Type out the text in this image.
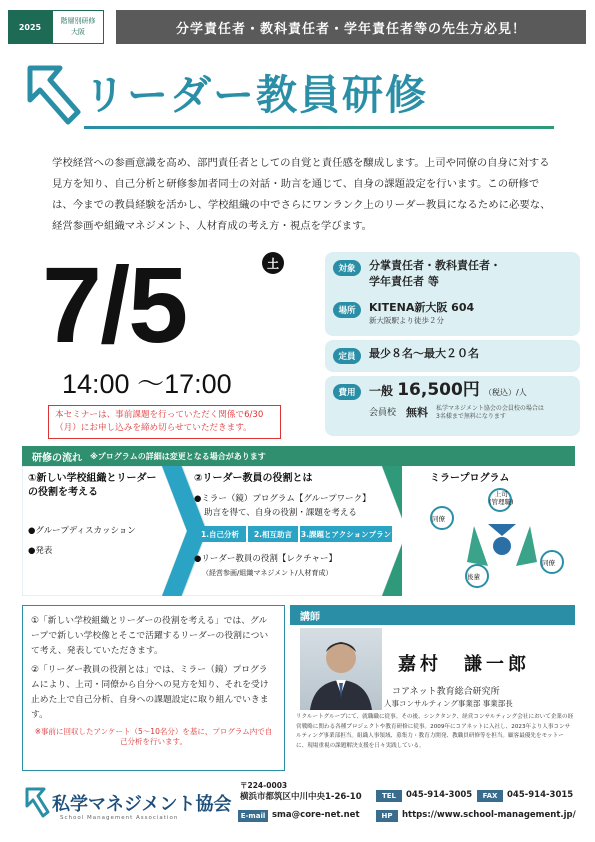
2025
階層別研修
大阪	分学責任者・教科責任者・学年責任者等の先生方必見！
リーダー教員研修
学校経営への参画意識を高め、部門責任者としての自覚と責任感を醸成します。上司や同僚の自身に対する見方を知り、自己分析と研修参加者同士の対話・助言を通じて、自身の課題設定を行います。この研修では、今までの教員経験を活かし、学校組織の中でさらにワンランク上のリーダー教員になるために必要な、経営参画や組織マネジメント、人材育成の考え方・視点を学びます。
7/5	土
14:00 ～17:00
本セミナーは、事前課題を行っていただく関係で6/30（月）にお申し込みを締め切らせていただきます。
対象	分掌責任者・教科責任者・
学年責任者 等
場所	KITENA新大阪 604
新大阪駅より徒歩２分
定員	最少８名～最大２０名
費用	一般 16,500円 （税込）/人
会員校 無料 私学マネジメント協会の会員校の場合は3名様まで無料になります
研修の流れ ※プログラムの詳細は変更となる場合があります
①新しい学校組織とリーダーの役割を考える
●グループディスカッション
●発表
②リーダー教員の役割とは
●ミラー（鏡）プログラム【グループワーク】
助言を得て、自身の役割・課題を考える
1.自己分析	2.相互助言	3.課題とアクションプラン
●リーダー教員の役割【レクチャー】
（経営参画/組織マネジメント/人材育成）
ミラープログラム
同僚
上司
(管理職)
同僚
後輩

①「新しい学校組織とリーダーの役割を考える」では、グループで新しい学校像とそこで活躍するリーダーの役割について考え、発表していただきます。

②「リーダー教員の役割とは」では、ミラー（鏡）プログラムにより、上司・同僚から自分への見方を知り、それを受け止めた上で自己分析、自身への課題設定に取り組んでいきます。

※事前に回収したアンケート（5～10名分）を基に、プログラム内で自己分析を行います。

講師
嘉村　謙一郎
コアネット教育総合研究所
人事コンサルティング事業部 事業部長
リクルートグループにて、就職職に従事。その後、シンクタンク、経営コンサルティング会社において企業の経営戦略に関わる各種プロジェクトや教育研修に従事。2009年にコアネットに入社し、2023年より人事コンサルティング事業部担当。組織人事領域、募集力・教育力開発、教職員研修等を担当。顧客最優先をモットーに、現場重視の課題解決支援を日々実践している。
私学マネジメント協会
School Management Association
〒224-0003
横浜市都筑区中川中央1-26-10	TEL	045-914-3005	FAX	045-914-3015
E-mail sma@core-net.net	HP	https://www.school-management.jp/
